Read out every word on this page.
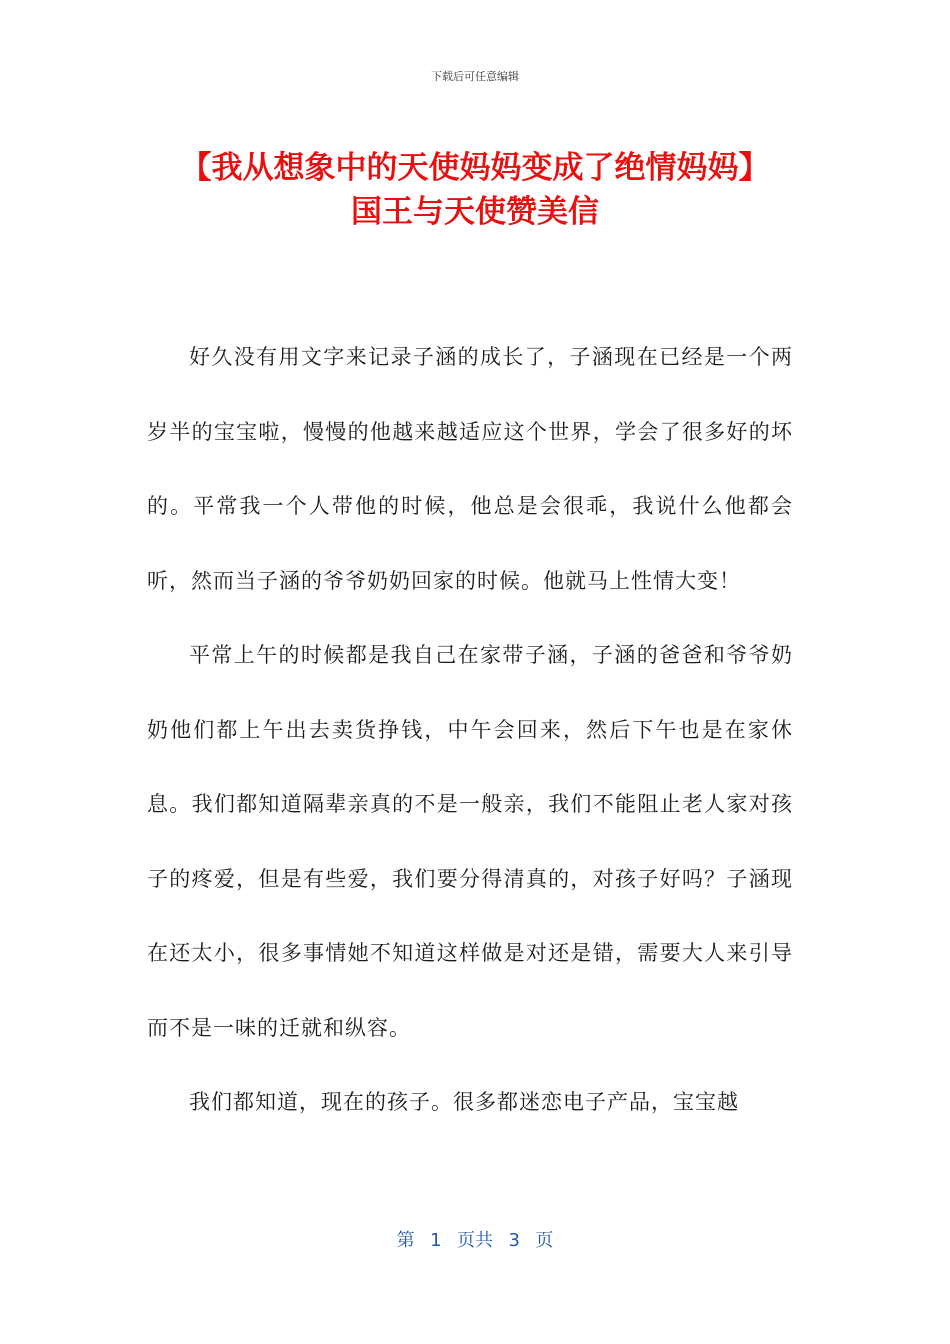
下载后可任意编辑
【我从想象中的天使妈妈变成了绝情妈妈】
国王与天使赞美信

好久没有用文字来记录子涵的成长了，子涵现在已经是一个两岁半的宝宝啦，慢慢的他越来越适应这个世界，学会了很多好的坏的。平常我一个人带他的时候，他总是会很乖，我说什么他都会听，然而当子涵的爷爷奶奶回家的时候。他就马上性情大变！

平常上午的时候都是我自己在家带子涵，子涵的爸爸和爷爷奶奶他们都上午出去卖货挣钱，中午会回来，然后下午也是在家休息。我们都知道隔辈亲真的不是一般亲，我们不能阻止老人家对孩子的疼爱，但是有些爱，我们要分得清真的，对孩子好吗？子涵现在还太小，很多事情她不知道这样做是对还是错，需要大人来引导而不是一味的迁就和纵容。

我们都知道，现在的孩子。很多都迷恋电子产品，宝宝越

第  1  页共  3  页
